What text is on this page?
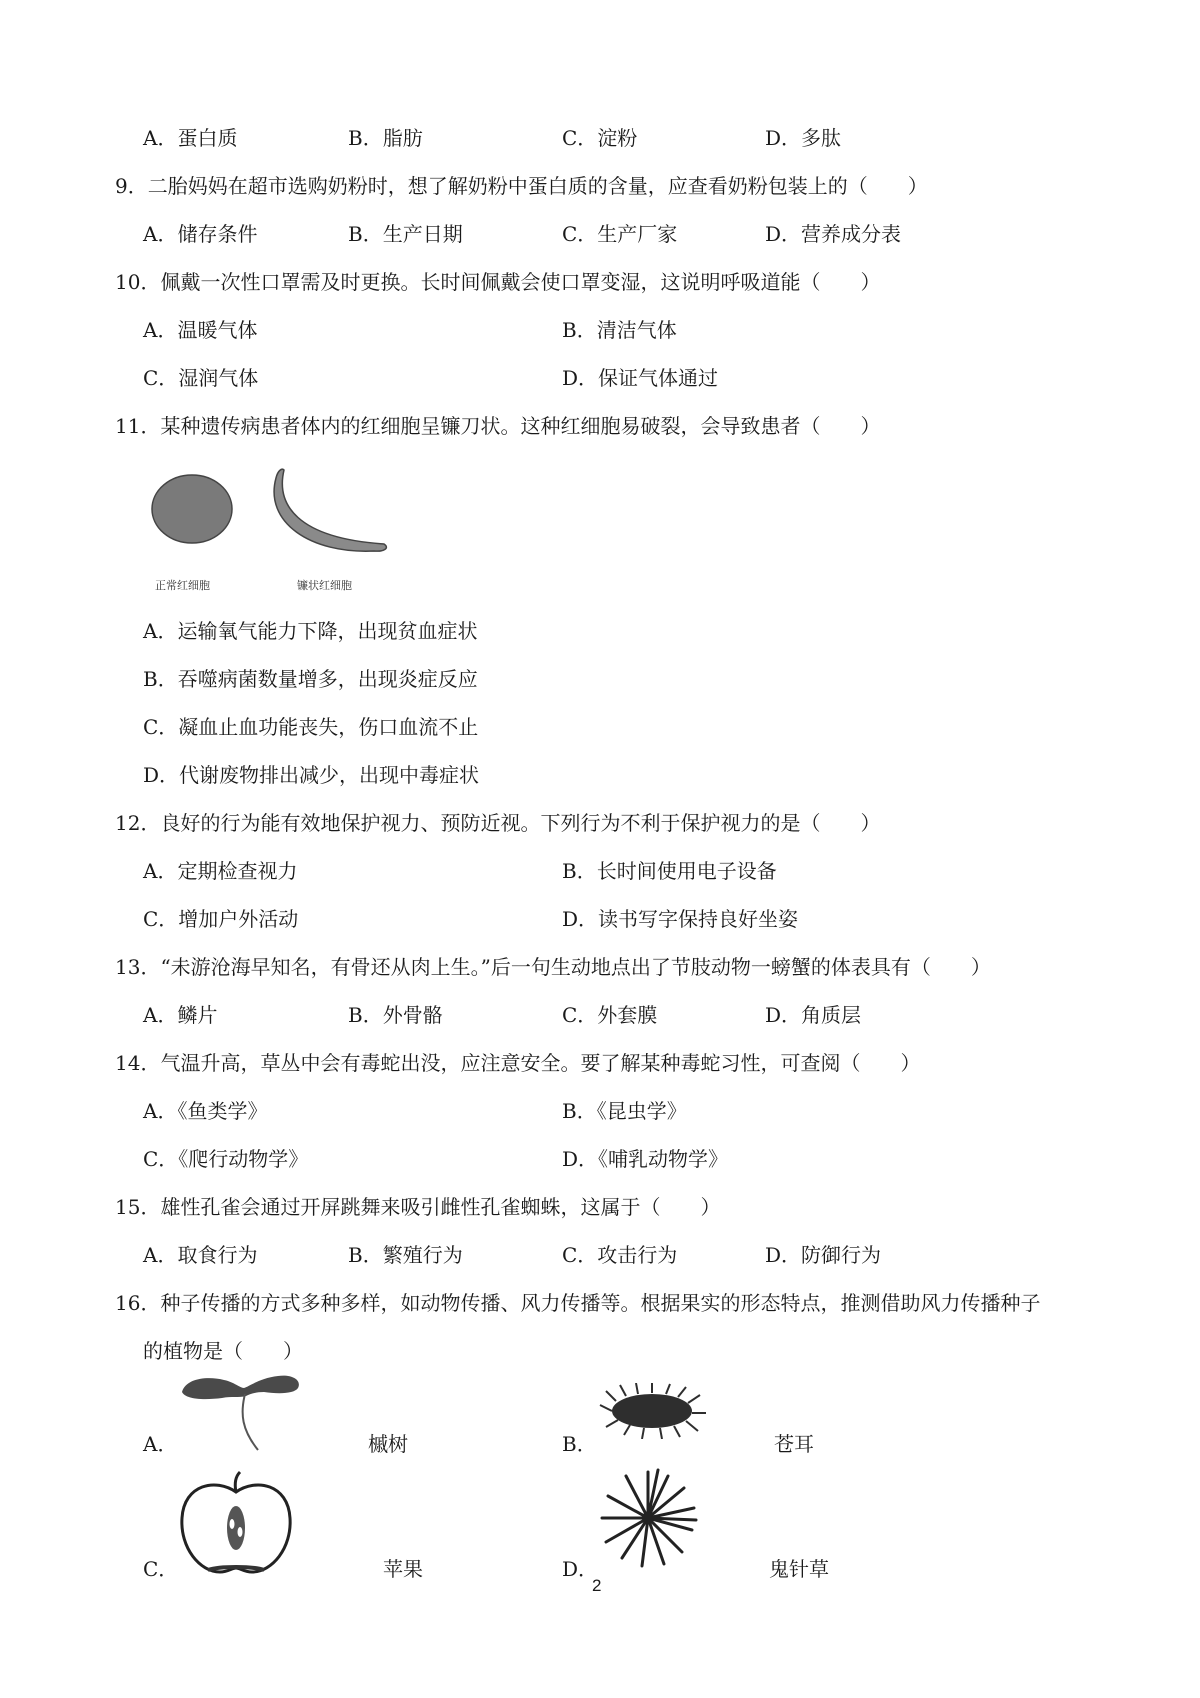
A．蛋白质	B．脂肪	C．淀粉	D．多肽
9．二胎妈妈在超市选购奶粉时，想了解奶粉中蛋白质的含量，应查看奶粉包装上的（　　）
A．储存条件	B．生产日期	C．生产厂家	D．营养成分表
10．佩戴一次性口罩需及时更换。长时间佩戴会使口罩变湿，这说明呼吸道能（　　）
A．温暖气体	B．清洁气体
C．湿润气体	D．保证气体通过
11．某种遗传病患者体内的红细胞呈镰刀状。这种红细胞易破裂，会导致患者（　　）
正常红细胞	镰状红细胞
A．运输氧气能力下降，出现贫血症状
B．吞噬病菌数量增多，出现炎症反应
C．凝血止血功能丧失，伤口血流不止
D．代谢废物排出减少，出现中毒症状
12．良好的行为能有效地保护视力、预防近视。下列行为不利于保护视力的是（　　）
A．定期检查视力	B．长时间使用电子设备
C．增加户外活动	D．读书写字保持良好坐姿
13．“未游沧海早知名，有骨还从肉上生。”后一句生动地点出了节肢动物一螃蟹的体表具有（　　）
A．鳞片	B．外骨骼	C．外套膜	D．角质层
14．气温升高，草丛中会有毒蛇出没，应注意安全。要了解某种毒蛇习性，可查阅（　　）
A．《鱼类学》	B．《昆虫学》
C．《爬行动物学》	D．《哺乳动物学》
15．雄性孔雀会通过开屏跳舞来吸引雌性孔雀蜘蛛，这属于（　　）
A．取食行为	B．繁殖行为	C．攻击行为	D．防御行为
16．种子传播的方式多种多样，如动物传播、风力传播等。根据果实的形态特点，推测借助风力传播种子
的植物是（　　）
A．	槭树	B．	苍耳
C．	苹果	D．	鬼针草
2
